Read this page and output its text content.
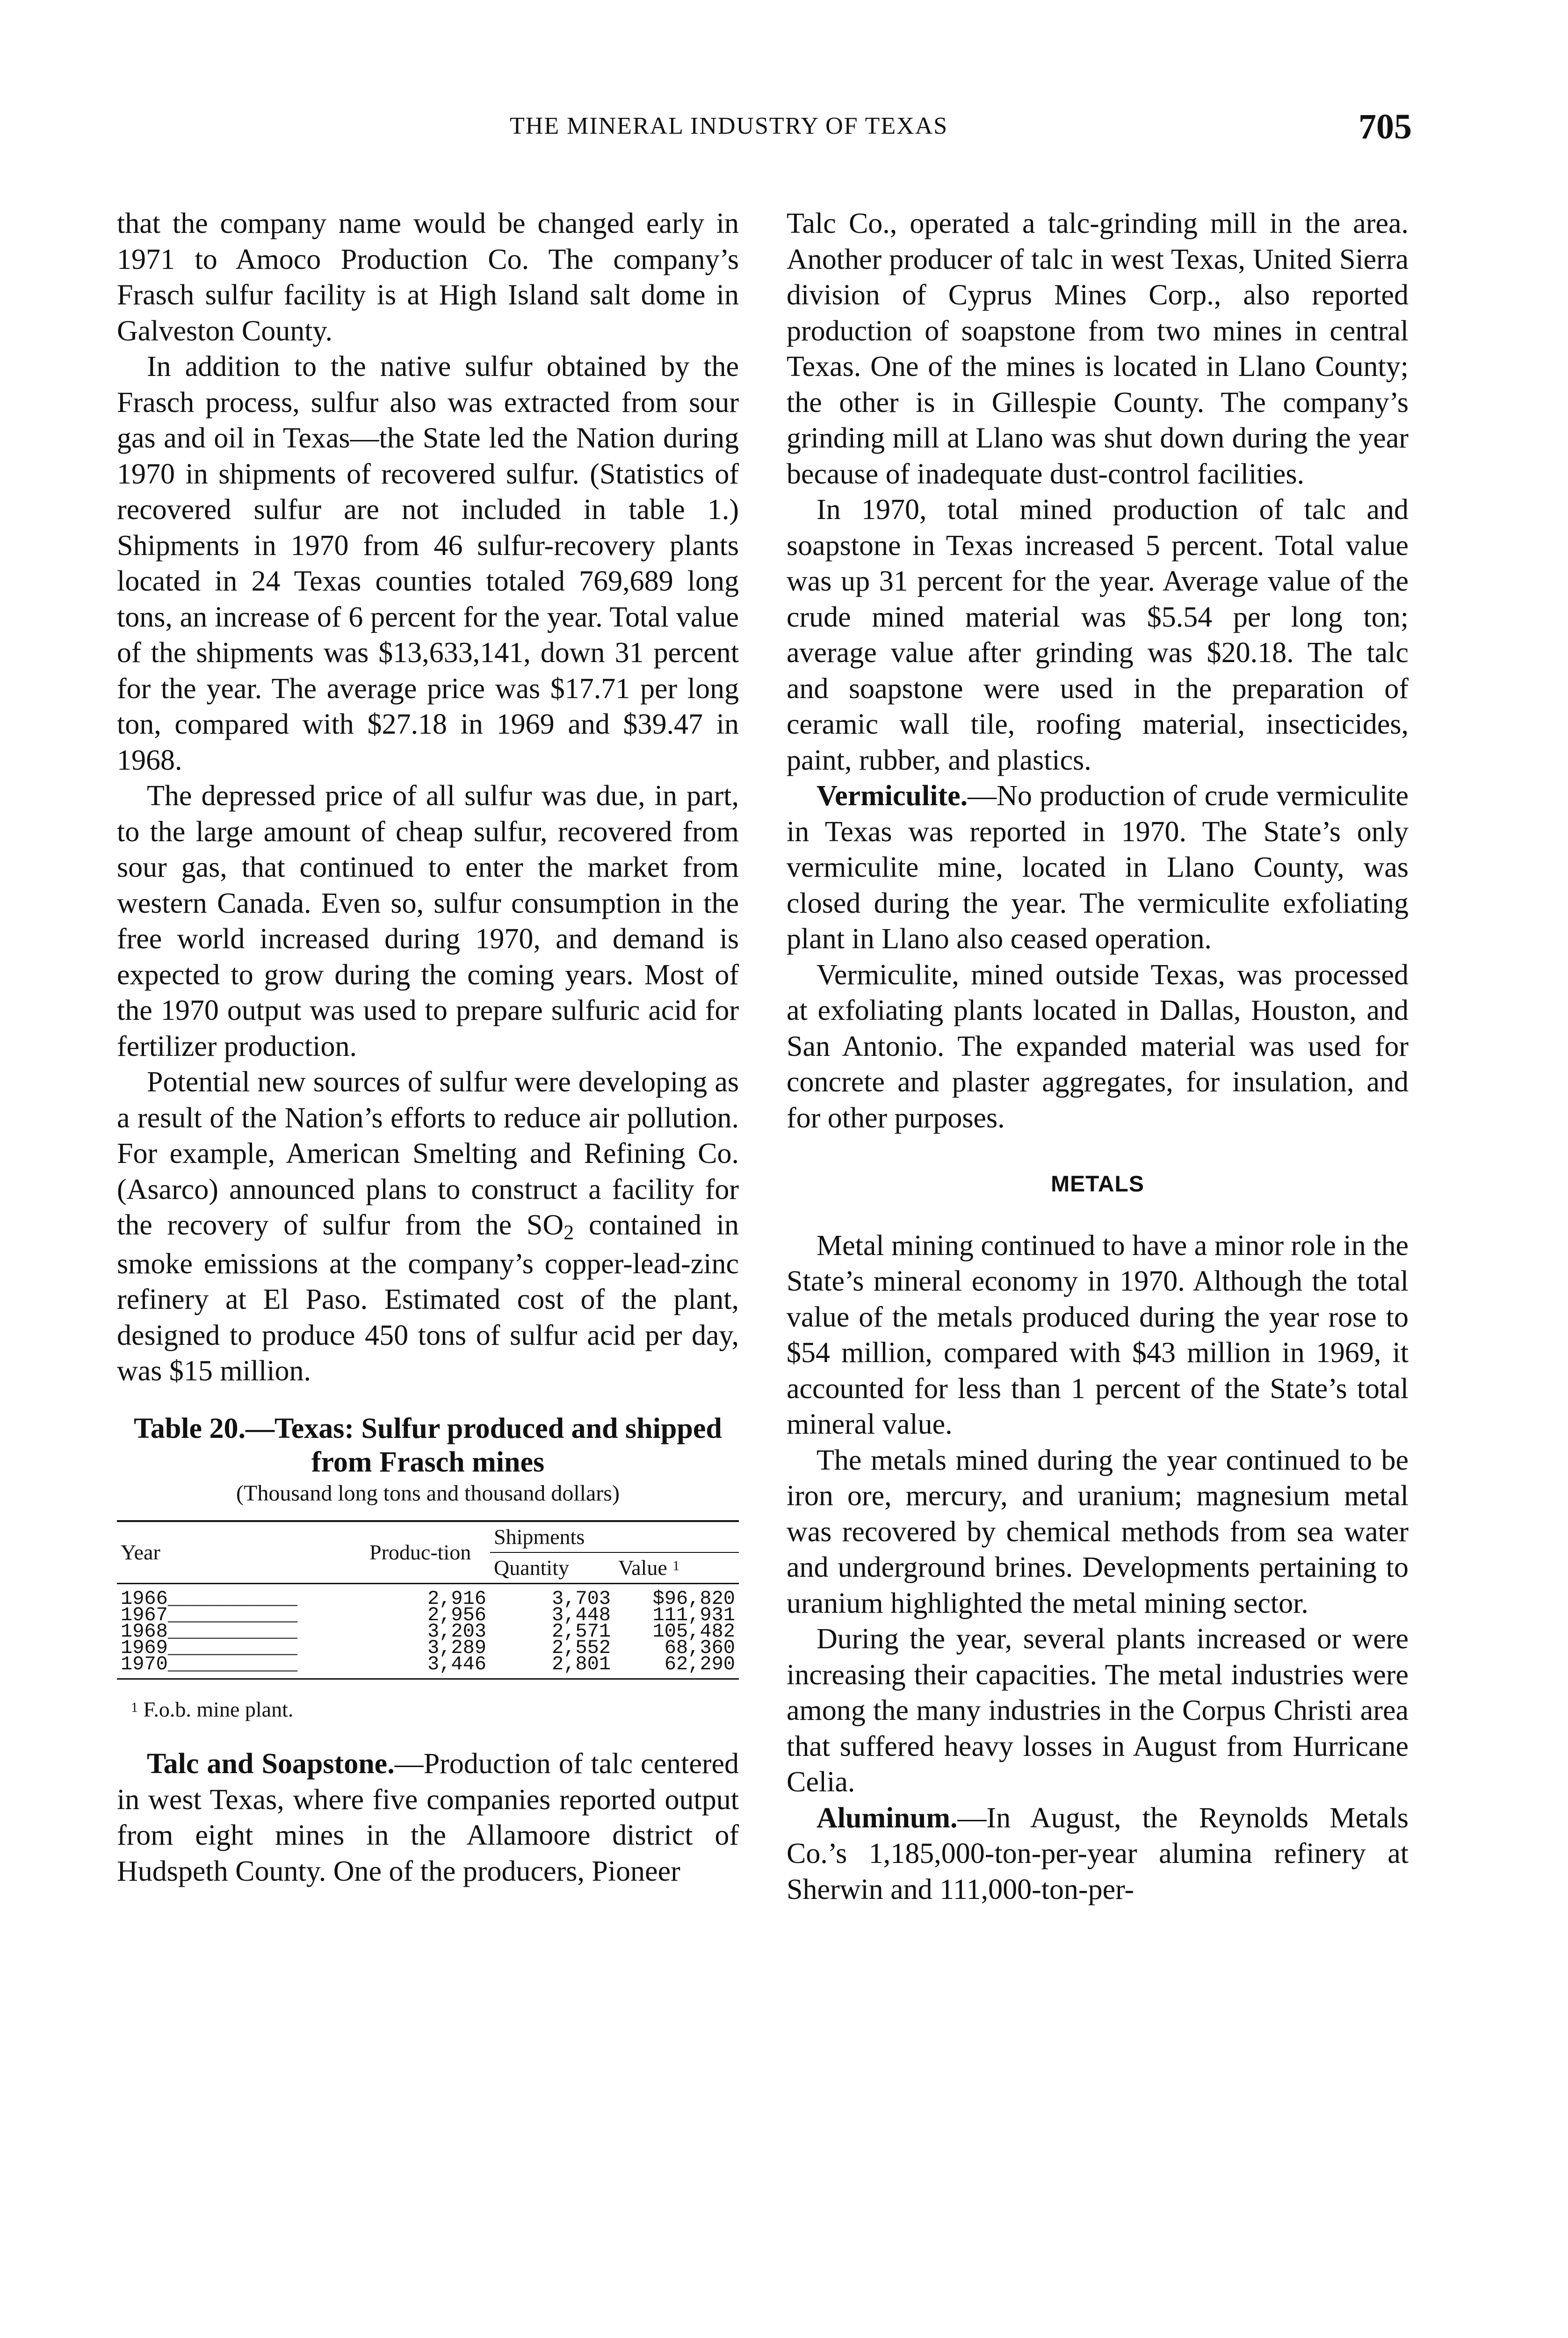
THE MINERAL INDUSTRY OF TEXAS	705

that the company name would be changed early in 1971 to Amoco Production Co. The company’s Frasch sulfur facility is at High Island salt dome in Galveston County.

In addition to the native sulfur obtained by the Frasch process, sulfur also was extracted from sour gas and oil in Texas—the State led the Nation during 1970 in shipments of recovered sulfur. (Statistics of recovered sulfur are not included in table 1.) Shipments in 1970 from 46 sulfur-recovery plants located in 24 Texas counties totaled 769,689 long tons, an increase of 6 percent for the year. Total value of the shipments was $13,633,141, down 31 percent for the year. The average price was $17.71 per long ton, compared with $27.18 in 1969 and $39.47 in 1968.

The depressed price of all sulfur was due, in part, to the large amount of cheap sulfur, recovered from sour gas, that continued to enter the market from western Canada. Even so, sulfur consumption in the free world increased during 1970, and demand is expected to grow during the coming years. Most of the 1970 output was used to prepare sulfuric acid for fertilizer production.

Potential new sources of sulfur were developing as a result of the Nation’s efforts to reduce air pollution. For example, American Smelting and Refining Co. (Asarco) announced plans to construct a facility for the recovery of sulfur from the $SO_2$ contained in smoke emissions at the company’s copper-lead-zinc refinery at El Paso. Estimated cost of the plant, designed to produce 450 tons of sulfur acid per day, was $15 million.

Table 20.—Texas: Sulfur produced and shipped from Frasch mines
(Thousand long tons and thousand dollars)
Year	Produc-tion	Shipments	
		Quantity	Value $^1$
1966___________	2,916	3,703	$96,820
1967___________	2,956	3,448	111,931
1968___________	3,203	2,571	105,482
1969___________	3,289	2,552	68,360
1970___________	3,446	2,801	62,290
$^1$ F.o.b. mine plant.

Talc and Soapstone.—Production of talc centered in west Texas, where five companies reported output from eight mines in the Allamoore district of Hudspeth County. One of the producers, Pioneer

Talc Co., operated a talc-grinding mill in the area. Another producer of talc in west Texas, United Sierra division of Cyprus Mines Corp., also reported production of soapstone from two mines in central Texas. One of the mines is located in Llano County; the other is in Gillespie County. The company’s grinding mill at Llano was shut down during the year because of inadequate dust-control facilities.

In 1970, total mined production of talc and soapstone in Texas increased 5 percent. Total value was up 31 percent for the year. Average value of the crude mined material was $5.54 per long ton; average value after grinding was $20.18. The talc and soapstone were used in the preparation of ceramic wall tile, roofing material, insecticides, paint, rubber, and plastics.

Vermiculite.—No production of crude vermiculite in Texas was reported in 1970. The State’s only vermiculite mine, located in Llano County, was closed during the year. The vermiculite exfoliating plant in Llano also ceased operation.

Vermiculite, mined outside Texas, was processed at exfoliating plants located in Dallas, Houston, and San Antonio. The expanded material was used for concrete and plaster aggregates, for insulation, and for other purposes.

METALS

Metal mining continued to have a minor role in the State’s mineral economy in 1970. Although the total value of the metals produced during the year rose to $54 million, compared with $43 million in 1969, it accounted for less than 1 percent of the State’s total mineral value.

The metals mined during the year continued to be iron ore, mercury, and uranium; magnesium metal was recovered by chemical methods from sea water and underground brines. Developments pertaining to uranium highlighted the metal mining sector.

During the year, several plants increased or were increasing their capacities. The metal industries were among the many industries in the Corpus Christi area that suffered heavy losses in August from Hurricane Celia.

Aluminum.—In August, the Reynolds Metals Co.’s 1,185,000-ton-per-year alumina refinery at Sherwin and 111,000-ton-per-
